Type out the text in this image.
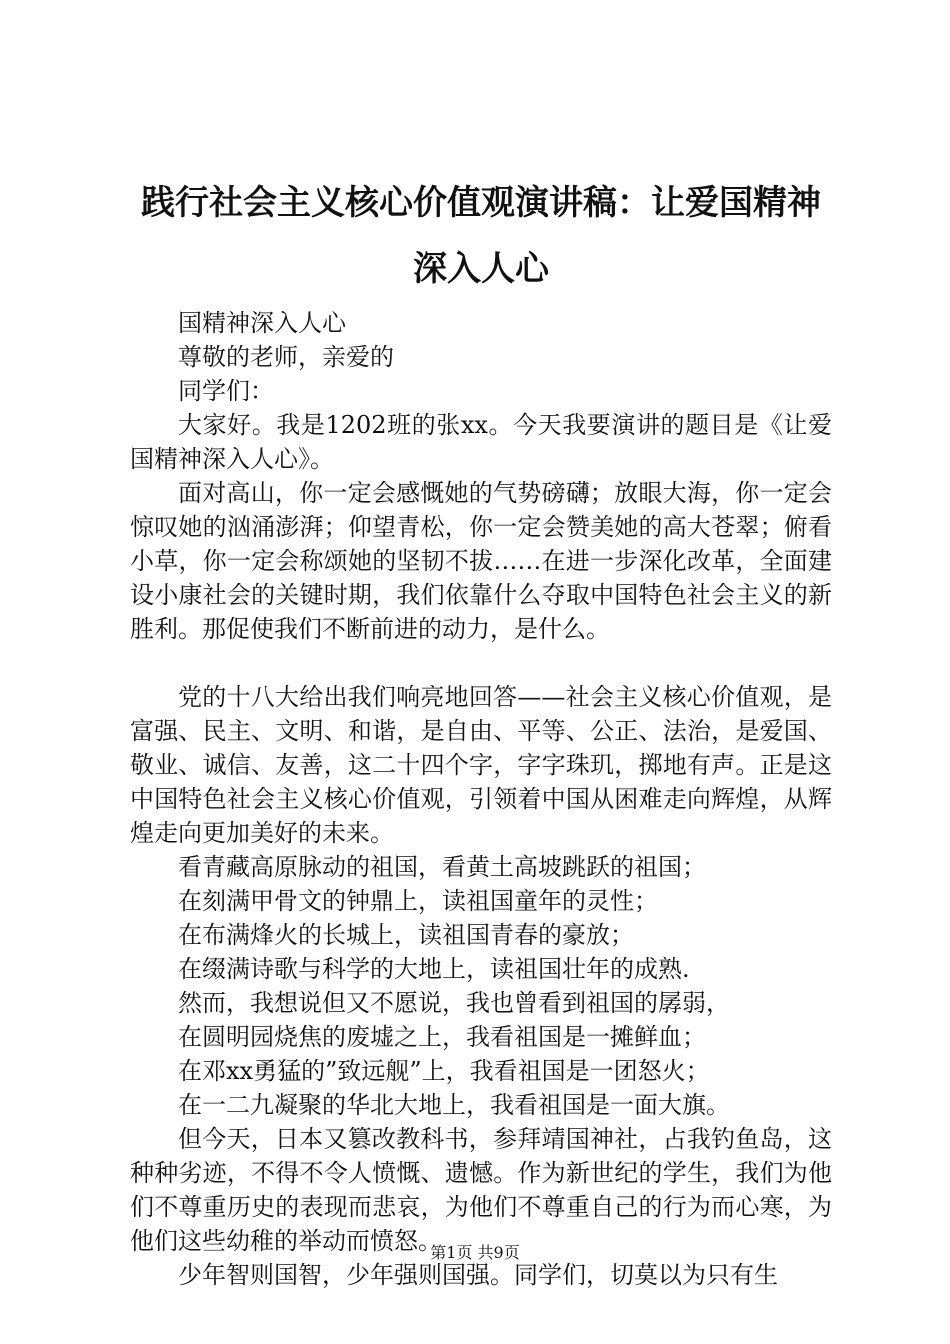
践行社会主义核心价值观演讲稿：让爱国精神深入人心

国精神深入人心

尊敬的老师，亲爱的

同学们：

大家好。我是1202班的张xx。今天我要演讲的题目是《让爱国精神深入人心》。

面对高山，你一定会感慨她的气势磅礴；放眼大海，你一定会惊叹她的汹涌澎湃；仰望青松，你一定会赞美她的高大苍翠；俯看小草，你一定会称颂她的坚韧不拔……在进一步深化改革，全面建设小康社会的关键时期，我们依靠什么夺取中国特色社会主义的新胜利。那促使我们不断前进的动力，是什么。

党的十八大给出我们响亮地回答——社会主义核心价值观，是富强、民主、文明、和谐，是自由、平等、公正、法治，是爱国、敬业、诚信、友善，这二十四个字，字字珠玑，掷地有声。正是这中国特色社会主义核心价值观，引领着中国从困难走向辉煌，从辉煌走向更加美好的未来。

看青藏高原脉动的祖国，看黄土高坡跳跃的祖国；

在刻满甲骨文的钟鼎上，读祖国童年的灵性；

在布满烽火的长城上，读祖国青春的豪放；

在缀满诗歌与科学的大地上，读祖国壮年的成熟.

然而，我想说但又不愿说，我也曾看到祖国的孱弱，

在圆明园烧焦的废墟之上，我看祖国是一摊鲜血；

在邓xx勇猛的”致远舰”上，我看祖国是一团怒火；

在一二九凝聚的华北大地上，我看祖国是一面大旗。

但今天，日本又篡改教科书，参拜靖国神社，占我钓鱼岛，这种种劣迹，不得不令人愤慨、遗憾。作为新世纪的学生，我们为他们不尊重历史的表现而悲哀，为他们不尊重自己的行为而心寒，为他们这些幼稚的举动而愤怒。

少年智则国智，少年强则国强。同学们，切莫以为只有生

第1页 共9页
